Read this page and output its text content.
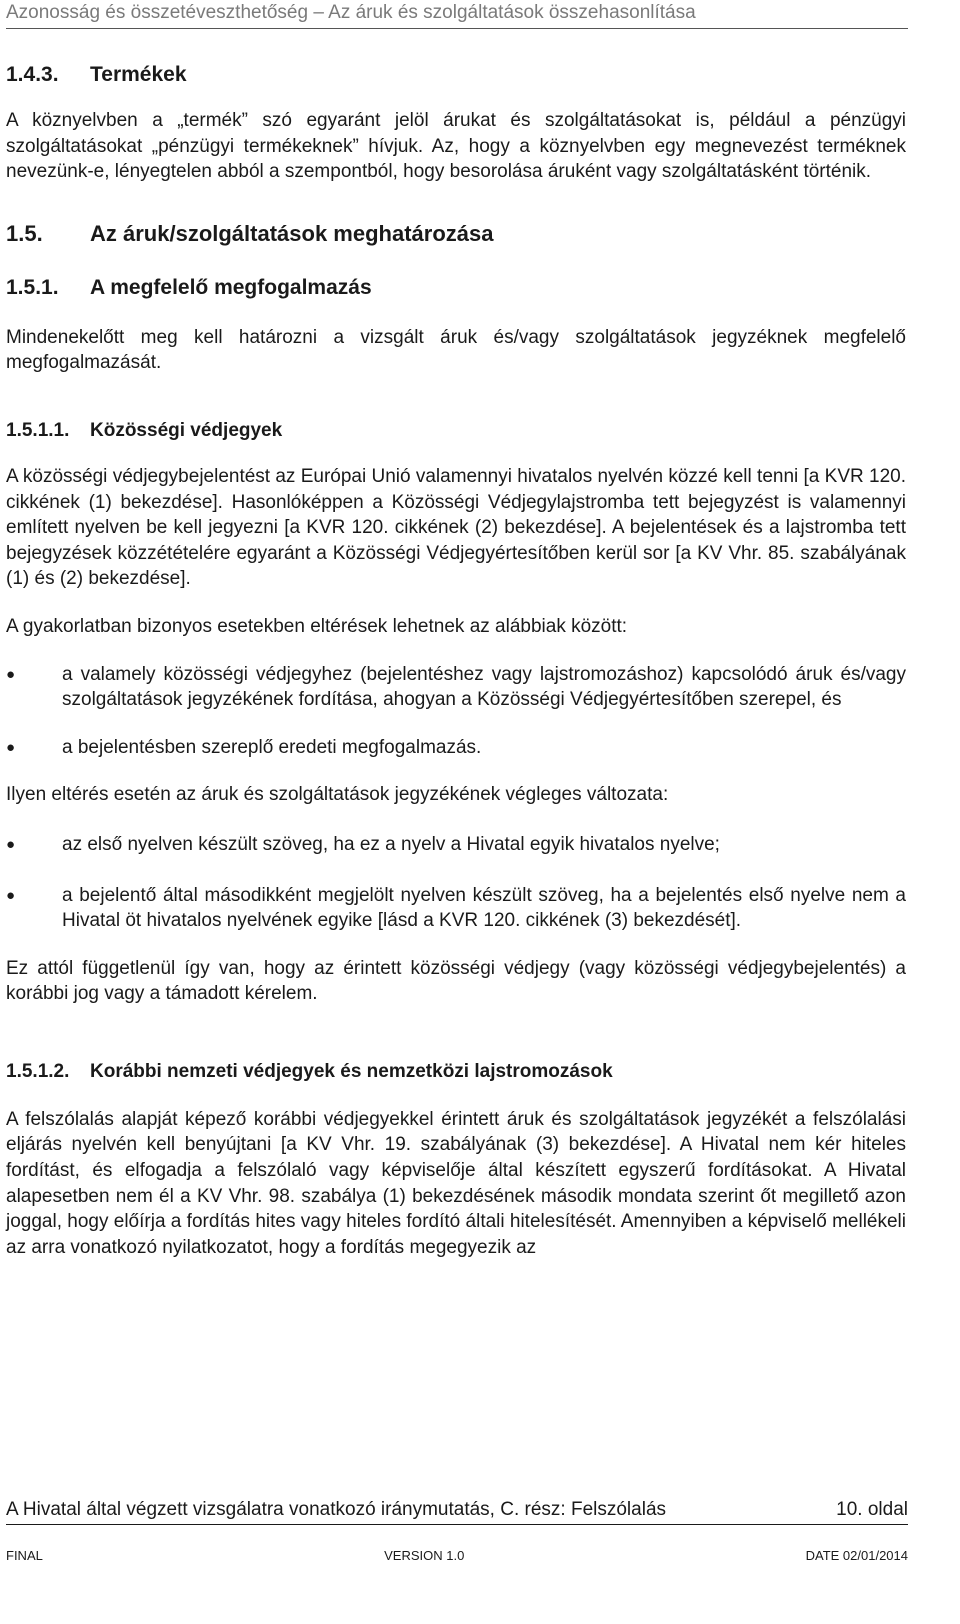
Azonosság és összetéveszthetőség – Az áruk és szolgáltatások összehasonlítása
1.4.3.	Termékek

A köznyelvben a „termék” szó egyaránt jelöl árukat és szolgáltatásokat is, például a pénzügyi szolgáltatásokat „pénzügyi termékeknek” hívjuk. Az, hogy a köznyelvben egy megnevezést terméknek nevezünk-e, lényegtelen abból a szempontból, hogy besorolása áruként vagy szolgáltatásként történik.

1.5.	Az áruk/szolgáltatások meghatározása
1.5.1.	A megfelelő megfogalmazás

Mindenekelőtt meg kell határozni a vizsgált áruk és/vagy szolgáltatások jegyzéknek megfelelő megfogalmazását.

1.5.1.1.	Közösségi védjegyek

A közösségi védjegybejelentést az Európai Unió valamennyi hivatalos nyelvén közzé kell tenni [a KVR 120. cikkének (1) bekezdése]. Hasonlóképpen a Közösségi Védjegylajstromba tett bejegyzést is valamennyi említett nyelven be kell jegyezni [a KVR 120. cikkének (2) bekezdése]. A bejelentések és a lajstromba tett bejegyzések közzétételére egyaránt a Közösségi Védjegyértesítőben kerül sor [a KV Vhr. 85. szabályának (1) és (2) bekezdése].

A gyakorlatban bizonyos esetekben eltérések lehetnek az alábbiak között:

● a valamely közösségi védjegyhez (bejelentéshez vagy lajstromozáshoz) kapcsolódó áruk és/vagy szolgáltatások jegyzékének fordítása, ahogyan a Közösségi Védjegyértesítőben szerepel, és
● a bejelentésben szereplő eredeti megfogalmazás.

Ilyen eltérés esetén az áruk és szolgáltatások jegyzékének végleges változata:

● az első nyelven készült szöveg, ha ez a nyelv a Hivatal egyik hivatalos nyelve;
● a bejelentő által másodikként megjelölt nyelven készült szöveg, ha a bejelentés első nyelve nem a Hivatal öt hivatalos nyelvének egyike [lásd a KVR 120. cikkének (3) bekezdését].

Ez attól függetlenül így van, hogy az érintett közösségi védjegy (vagy közösségi védjegybejelentés) a korábbi jog vagy a támadott kérelem.

1.5.1.2.	Korábbi nemzeti védjegyek és nemzetközi lajstromozások

A felszólalás alapját képező korábbi védjegyekkel érintett áruk és szolgáltatások jegyzékét a felszólalási eljárás nyelvén kell benyújtani [a KV Vhr. 19. szabályának (3) bekezdése]. A Hivatal nem kér hiteles fordítást, és elfogadja a felszólaló vagy képviselője által készített egyszerű fordításokat. A Hivatal alapesetben nem él a KV Vhr. 98. szabálya (1) bekezdésének második mondata szerint őt megillető azon joggal, hogy előírja a fordítás hites vagy hiteles fordító általi hitelesítését. Amennyiben a képviselő mellékeli az arra vonatkozó nyilatkozatot, hogy a fordítás megegyezik az

A Hivatal által végzett vizsgálatra vonatkozó iránymutatás, C. rész: Felszólalás	10. oldal
FINAL	VERSION 1.0	DATE 02/01/2014
